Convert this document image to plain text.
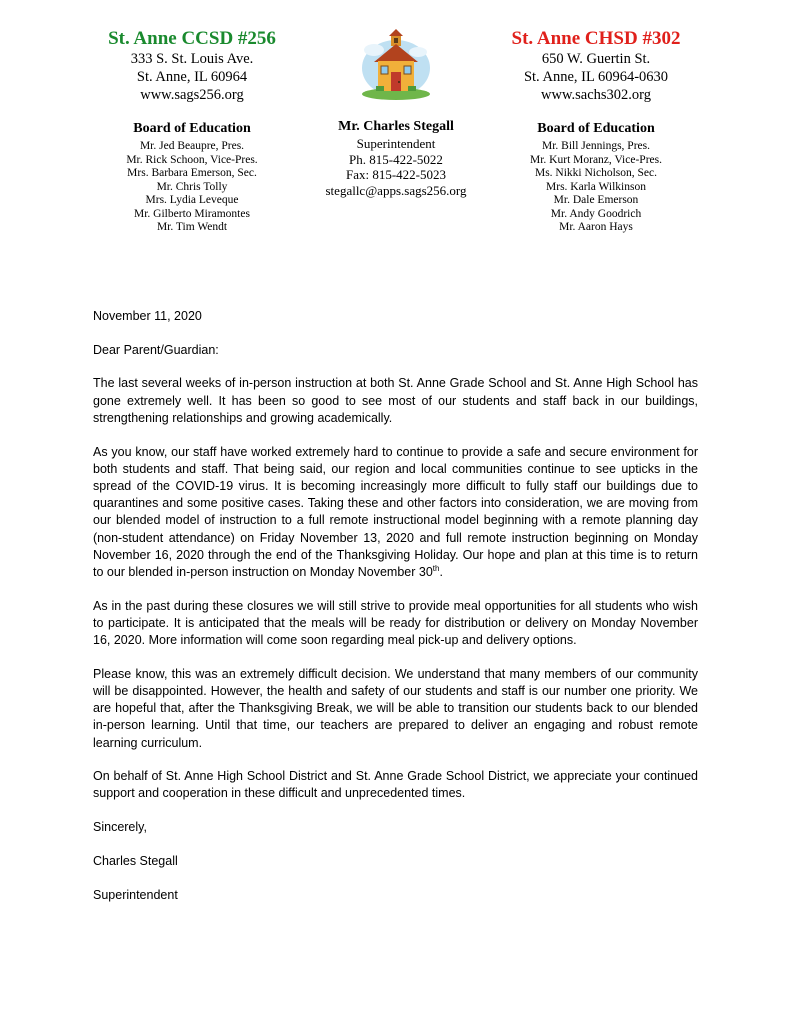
St. Anne CCSD #256
333 S. St. Louis Ave.
St. Anne, IL 60964
www.sags256.org
Board of Education
Mr. Jed Beaupre, Pres.
Mr. Rick Schoon, Vice-Pres.
Mrs. Barbara Emerson, Sec.
Mr. Chris Tolly
Mrs. Lydia Leveque
Mr. Gilberto Miramontes
Mr. Tim Wendt
Mr. Charles Stegall
Superintendent
Ph. 815-422-5022
Fax: 815-422-5023
stegallc@apps.sags256.org
St. Anne CHSD #302
650 W. Guertin St.
St. Anne, IL 60964-0630
www.sachs302.org
Board of Education
Mr. Bill Jennings, Pres.
Mr. Kurt Moranz, Vice-Pres.
Ms. Nikki Nicholson, Sec.
Mrs. Karla Wilkinson
Mr. Dale Emerson
Mr. Andy Goodrich
Mr. Aaron Hays

November 11, 2020

Dear Parent/Guardian:

The last several weeks of in-person instruction at both St. Anne Grade School and St. Anne High School has gone extremely well. It has been so good to see most of our students and staff back in our buildings, strengthening relationships and growing academically.

As you know, our staff have worked extremely hard to continue to provide a safe and secure environment for both students and staff. That being said, our region and local communities continue to see upticks in the spread of the COVID-19 virus. It is becoming increasingly more difficult to fully staff our buildings due to quarantines and some positive cases. Taking these and other factors into consideration, we are moving from our blended model of instruction to a full remote instructional model beginning with a remote planning day (non-student attendance) on Friday November 13, 2020 and full remote instruction beginning on Monday November 16, 2020 through the end of the Thanksgiving Holiday. Our hope and plan at this time is to return to our blended in-person instruction on Monday November 30th.

As in the past during these closures we will still strive to provide meal opportunities for all students who wish to participate. It is anticipated that the meals will be ready for distribution or delivery on Monday November 16, 2020. More information will come soon regarding meal pick-up and delivery options.

Please know, this was an extremely difficult decision. We understand that many members of our community will be disappointed. However, the health and safety of our students and staff is our number one priority. We are hopeful that, after the Thanksgiving Break, we will be able to transition our students back to our blended in-person learning. Until that time, our teachers are prepared to deliver an engaging and robust remote learning curriculum.

On behalf of St. Anne High School District and St. Anne Grade School District, we appreciate your continued support and cooperation in these difficult and unprecedented times.

Sincerely,

Charles Stegall

Superintendent
